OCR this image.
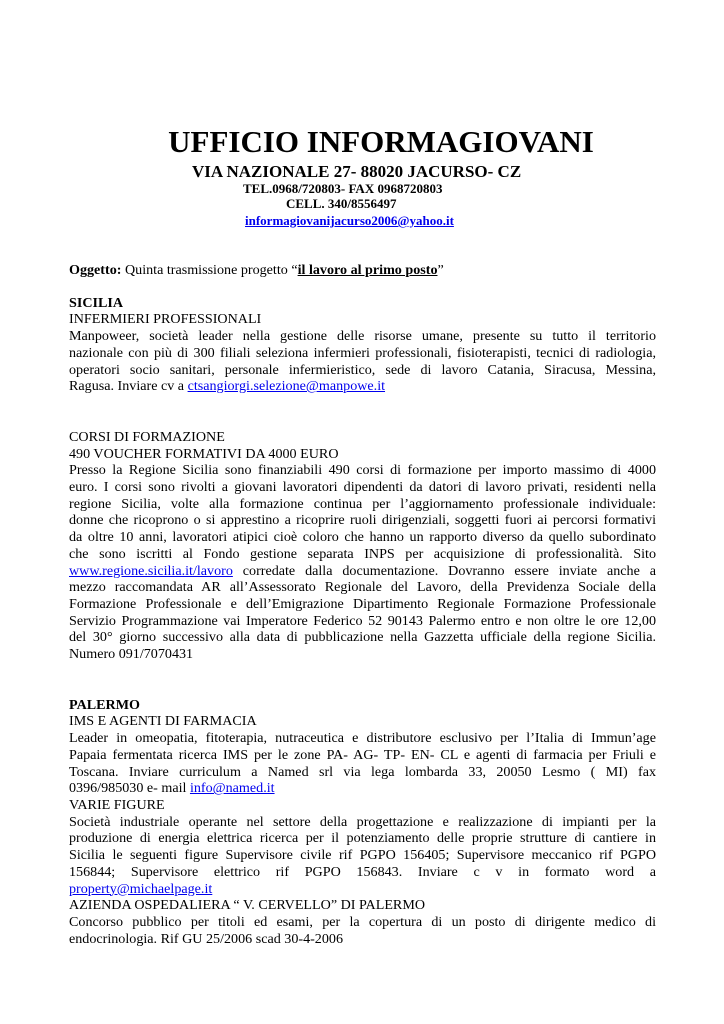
UFFICIO INFORMAGIOVANI
VIA NAZIONALE 27- 88020 JACURSO- CZ
TEL.0968/720803- FAX 0968720803
CELL. 340/8556497
informagiovanijacurso2006@yahoo.it

Oggetto: Quinta trasmissione progetto “il lavoro al primo posto”

SICILIA

INFERMIERI PROFESSIONALI

Manpoweer, società leader nella gestione delle risorse umane, presente su tutto il territorio

nazionale con più di 300 filiali seleziona infermieri professionali, fisioterapisti, tecnici di radiologia,

operatori socio sanitari, personale infermieristico, sede di lavoro Catania, Siracusa, Messina,

Ragusa. Inviare cv a ctsangiorgi.selezione@manpowe.it

CORSI DI FORMAZIONE

490 VOUCHER FORMATIVI DA 4000 EURO

Presso la Regione Sicilia sono finanziabili 490 corsi di formazione per importo massimo di 4000

euro. I corsi sono rivolti a giovani lavoratori dipendenti da datori di lavoro privati, residenti nella

regione Sicilia, volte alla formazione continua per l’aggiornamento professionale individuale:

donne che ricoprono o si apprestino a ricoprire ruoli dirigenziali, soggetti fuori ai percorsi formativi

da oltre 10 anni, lavoratori atipici cioè coloro che hanno un rapporto diverso da quello subordinato

che sono iscritti al Fondo gestione separata INPS per acquisizione di professionalità. Sito

www.regione.sicilia.it/lavoro corredate dalla documentazione. Dovranno essere inviate anche a

mezzo raccomandata AR all’Assessorato Regionale del Lavoro, della Previdenza Sociale della

Formazione Professionale e dell’Emigrazione Dipartimento Regionale Formazione Professionale

Servizio Programmazione vai Imperatore Federico 52 90143 Palermo entro e non oltre le ore 12,00

del 30° giorno successivo alla data di pubblicazione nella Gazzetta ufficiale della regione Sicilia.

Numero 091/7070431

PALERMO

IMS E AGENTI DI FARMACIA

Leader in omeopatia, fitoterapia, nutraceutica e distributore esclusivo per l’Italia di Immun’age

Papaia fermentata ricerca IMS per le zone PA- AG- TP- EN- CL e agenti di farmacia per Friuli e

Toscana. Inviare curriculum a Named srl via lega lombarda 33, 20050 Lesmo ( MI) fax

0396/985030 e- mail info@named.it

VARIE FIGURE

Società industriale operante nel settore della progettazione e realizzazione di impianti per la

produzione di energia elettrica ricerca per il potenziamento delle proprie strutture di cantiere in

Sicilia le seguenti figure Supervisore civile rif PGPO 156405; Supervisore meccanico rif PGPO

156844; Supervisore elettrico rif PGPO 156843. Inviare c v in formato word a

property@michaelpage.it

AZIENDA OSPEDALIERA “ V. CERVELLO” DI PALERMO

Concorso pubblico per titoli ed esami, per la copertura di un posto di dirigente medico di

endocrinologia. Rif GU 25/2006 scad 30-4-2006
